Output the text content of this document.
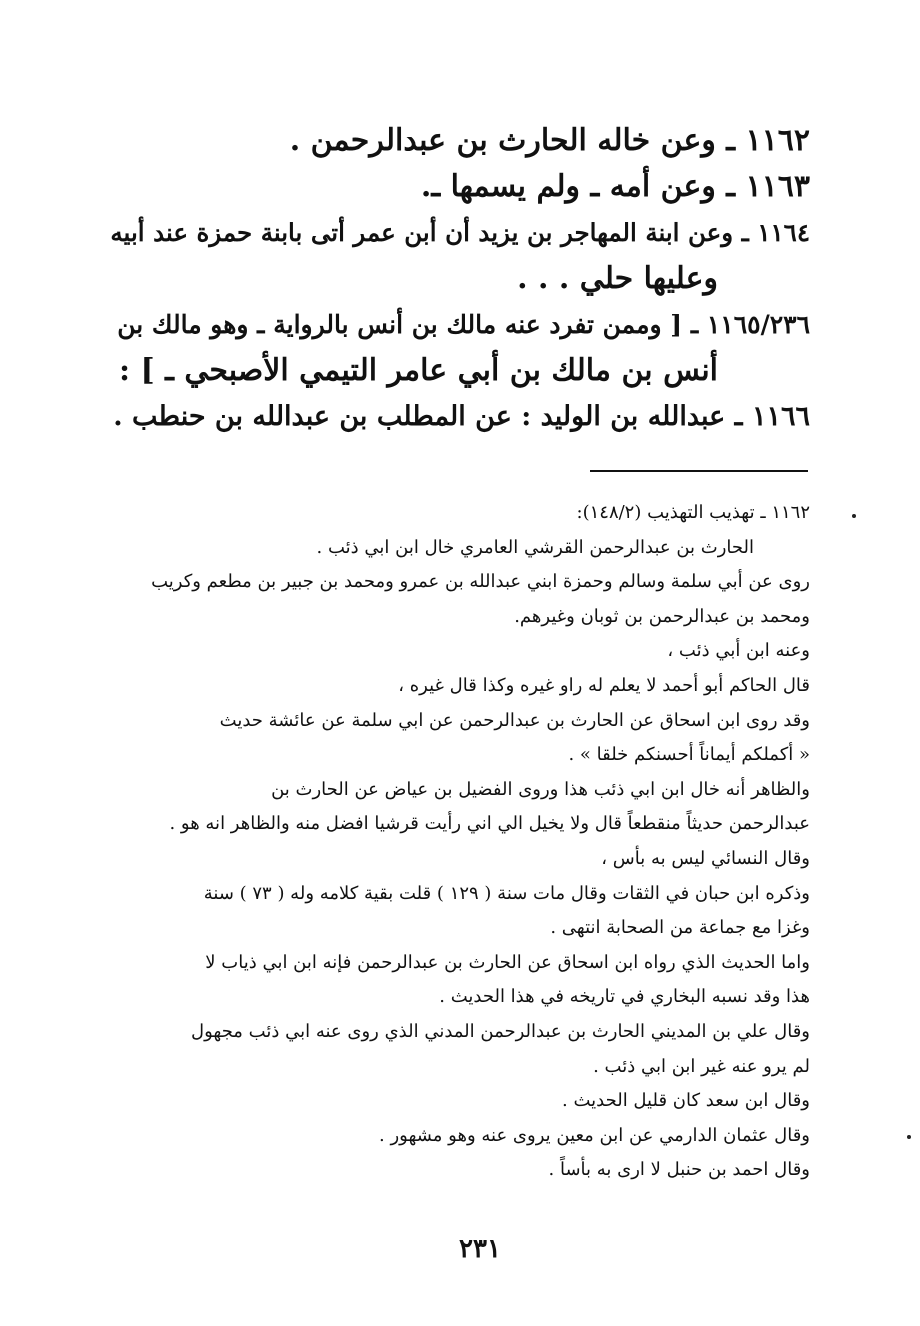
١١٦٢ ـ وعن خاله الحارث بن عبدالرحمن .
١١٦٣ ـ وعن أمه ـ ولم يسمها ـ.
١١٦٤ ـ وعن ابنة المهاجر بن يزيد أن أبن عمر أتى بابنة حمزة عند أبيه
وعليها حلي . . .
١١٦٥/٢٣٦ ـ [ وممن تفرد عنه مالك بن أنس بالرواية ـ وهو مالك بن
أنس بن مالك بن أبي عامر التيمي الأصبحي ـ ] :
١١٦٦ ـ عبدالله بن الوليد : عن المطلب بن عبدالله بن حنطب .
١١٦٢ ـ تهذيب التهذيب (١٤٨/٢):
الحارث بن عبدالرحمن القرشي العامري خال ابن ابي ذئب .
روى عن أبي سلمة وسالم وحمزة ابني عبدالله بن عمرو ومحمد بن جبير بن مطعم وكريب
ومحمد بن عبدالرحمن بن ثوبان وغيرهم.
وعنه ابن أبي ذئب ،
قال الحاكم أبو أحمد لا يعلم له راو غيره وكذا قال غيره ،
وقد روى ابن اسحاق عن الحارث بن عبدالرحمن عن ابي سلمة عن عائشة حديث
« أكملكم أيماناً أحسنكم خلقا » .
والظاهر أنه خال ابن ابي ذئب هذا وروى الفضيل بن عياض عن الحارث بن
عبدالرحمن حديثاً منقطعاً قال ولا يخيل الي اني رأيت قرشيا افضل منه والظاهر انه هو .
وقال النسائي ليس به بأس ،
وذكره ابن حبان في الثقات وقال مات سنة ( ١٢٩ ) قلت بقية كلامه وله ( ٧٣ ) سنة
وغزا مع جماعة من الصحابة انتهى .
واما الحديث الذي رواه ابن اسحاق عن الحارث بن عبدالرحمن فإنه ابن ابي ذياب لا
هذا وقد نسبه البخاري في تاريخه في هذا الحديث .
وقال علي بن المديني الحارث بن عبدالرحمن المدني الذي روى عنه ابي ذئب مجهول
لم يرو عنه غير ابن ابي ذئب .
وقال ابن سعد كان قليل الحديث .
وقال عثمان الدارمي عن ابن معين يروى عنه وهو مشهور .
وقال احمد بن حنبل لا ارى به بأساً .
٢٣١
